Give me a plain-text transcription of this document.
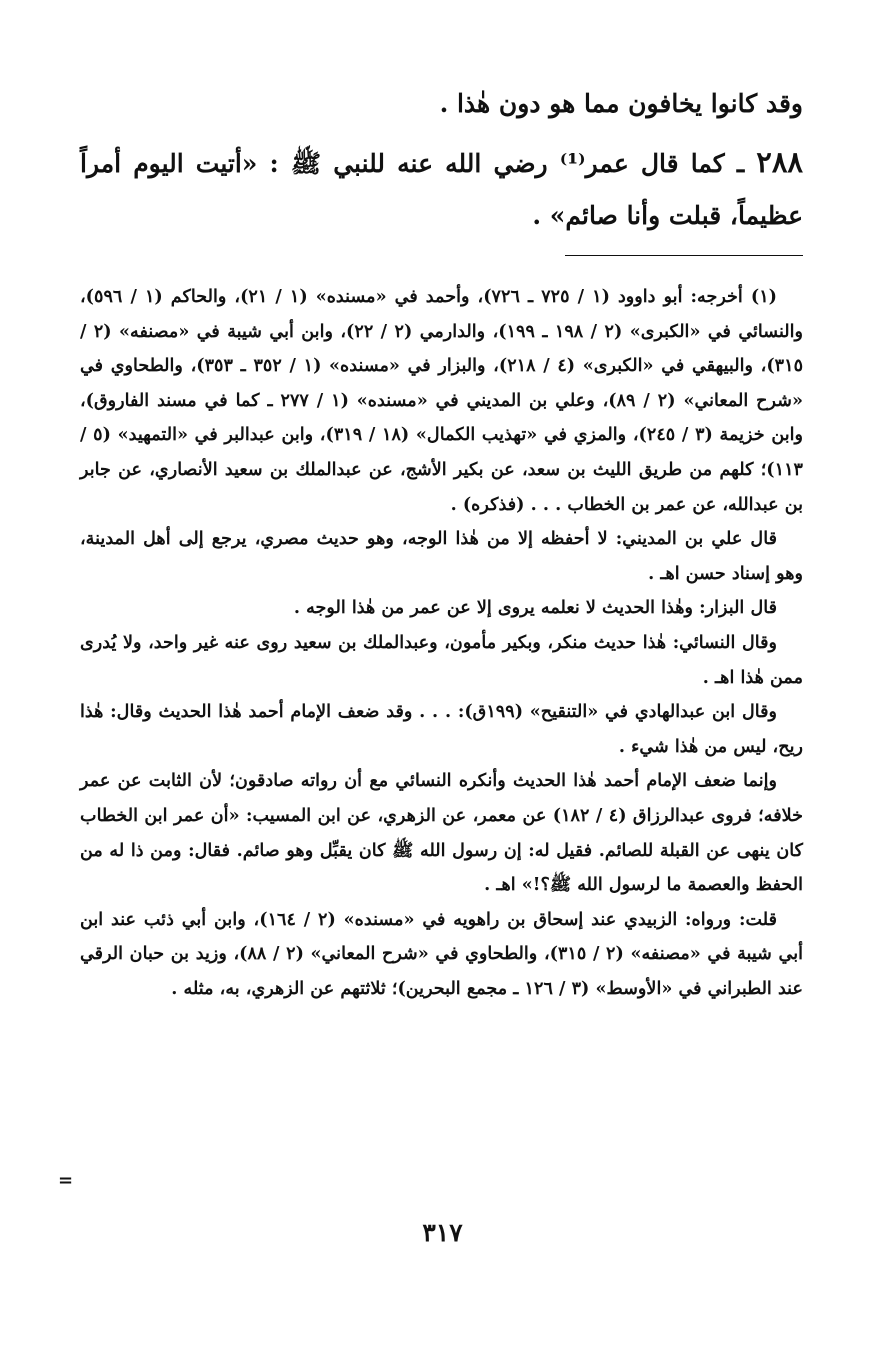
وقد كانوا يخافون مما هو دون هٰذا .

٢٨٨ ـ كما قال عمر⁽¹⁾ رضي الله عنه للنبي ﷺ : «أتيت اليوم أمراً عظيماً، قبلت وأنا صائم» .

(١) أخرجه: أبو داوود (١ / ٧٢٥ ـ ٧٢٦)، وأحمد في «مسنده» (١ / ٢١)، والحاكم (١ / ٥٩٦)، والنسائي في «الكبرى» (٢ / ١٩٨ ـ ١٩٩)، والدارمي (٢ / ٢٢)، وابن أبي شيبة في «مصنفه» (٢ / ٣١٥)، والبيهقي في «الكبرى» (٤ / ٢١٨)، والبزار في «مسنده» (١ / ٣٥٢ ـ ٣٥٣)، والطحاوي في «شرح المعاني» (٢ / ٨٩)، وعلي بن المديني في «مسنده» (١ / ٢٧٧ ـ كما في مسند الفاروق)، وابن خزيمة (٣ / ٢٤٥)، والمزي في «تهذيب الكمال» (١٨ / ٣١٩)، وابن عبدالبر في «التمهيد» (٥ / ١١٣)؛ كلهم من طريق الليث بن سعد، عن بكير الأشج، عن عبدالملك بن سعيد الأنصاري، عن جابر بن عبدالله، عن عمر بن الخطاب . . . (فذكره) .

قال علي بن المديني: لا أحفظه إلا من هٰذا الوجه، وهو حديث مصري، يرجع إلى أهل المدينة، وهو إسناد حسن اهـ .

قال البزار: وهٰذا الحديث لا نعلمه يروى إلا عن عمر من هٰذا الوجه .

وقال النسائي: هٰذا حديث منكر، وبكير مأمون، وعبدالملك بن سعيد روى عنه غير واحد، ولا يُدرى ممن هٰذا اهـ .

وقال ابن عبدالهادي في «التنقيح» (١٩٩ق): . . . وقد ضعف الإمام أحمد هٰذا الحديث وقال: هٰذا ريح، ليس من هٰذا شيء .

وإنما ضعف الإمام أحمد هٰذا الحديث وأنكره النسائي مع أن رواته صادقون؛ لأن الثابت عن عمر خلافه؛ فروى عبدالرزاق (٤ / ١٨٢) عن معمر، عن الزهري، عن ابن المسيب: «أن عمر ابن الخطاب كان ينهى عن القبلة للصائم. فقيل له: إن رسول الله ﷺ كان يقبِّل وهو صائم. فقال: ومن ذا له من الحفظ والعصمة ما لرسول الله ﷺ؟!» اهـ .

قلت: ورواه: الزبيدي عند إسحاق بن راهويه في «مسنده» (٢ / ١٦٤)، وابن أبي ذئب عند ابن أبي شيبة في «مصنفه» (٢ / ٣١٥)، والطحاوي في «شرح المعاني» (٢ / ٨٨)، وزيد بن حبان الرقي عند الطبراني في «الأوسط» (٣ / ١٢٦ ـ مجمع البحرين)؛ ثلاثتهم عن الزهري، به، مثله .

=
٣١٧
